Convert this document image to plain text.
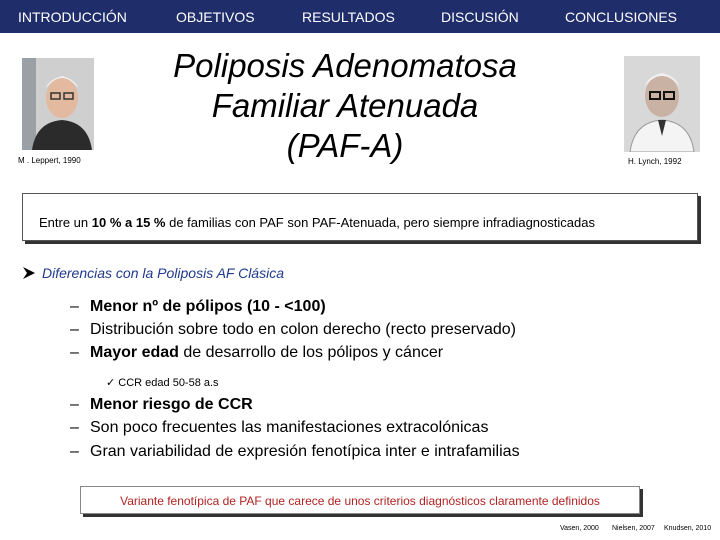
INTRODUCCIÓN	OBJETIVOS	RESULTADOS	DISCUSIÓN	CONCLUSIONES
M . Leppert, 1990	H. Lynch, 1992
Poliposis Adenomatosa
Familiar Atenuada
(PAF-A)
Entre un 10 % a 15 % de familias con PAF son PAF-Atenuada, pero siempre infradiagnosticadas
Diferencias con la Poliposis AF Clásica
– Menor nº de pólipos (10 - <100)
– Distribución sobre todo en colon derecho (recto preservado)
– Mayor edad de desarrollo de los pólipos y cáncer
✓ CCR edad 50-58 a.s
– Menor riesgo de CCR
– Son poco frecuentes las manifestaciones extracolónicas
– Gran variabilidad de expresión fenotípica inter e intrafamilias
Variante fenotípica de PAF que carece de unos criterios diagnósticos claramente definidos
Vasen, 2000 Nielsen, 2007 Knudsen, 2010
